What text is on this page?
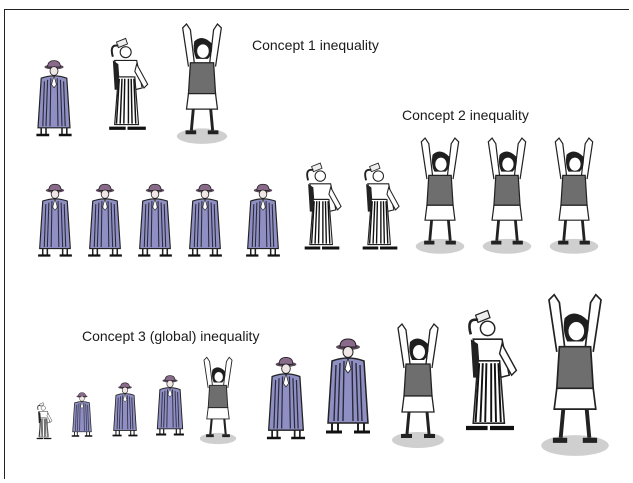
Concept 1 inequality
Concept 2 inequality
Concept 3 (global) inequality
